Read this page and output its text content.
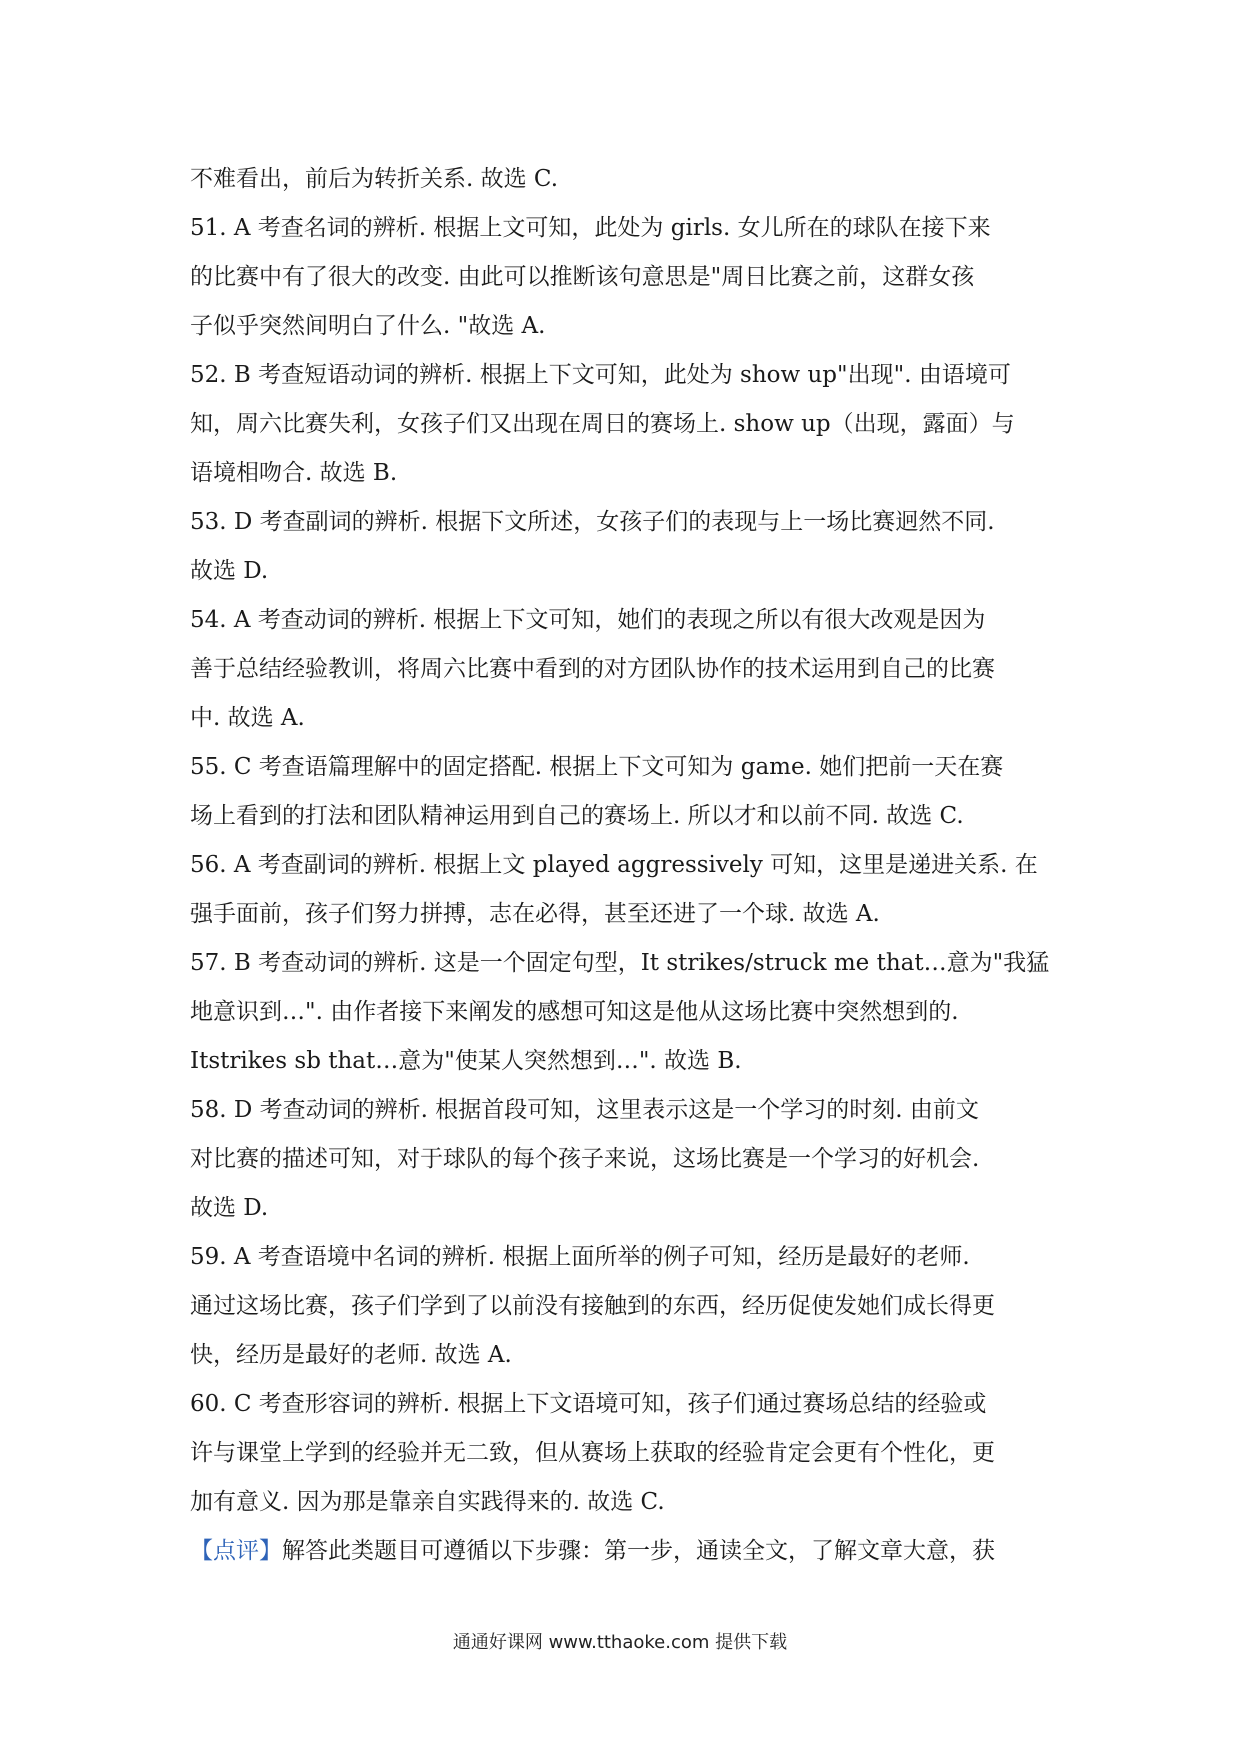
不难看出，前后为转折关系. 故选 C.
51. A 考查名词的辨析. 根据上文可知，此处为 girls. 女儿所在的球队在接下来
的比赛中有了很大的改变. 由此可以推断该句意思是"周日比赛之前，这群女孩
子似乎突然间明白了什么. "故选 A.
52. B 考查短语动词的辨析. 根据上下文可知，此处为 show up"出现". 由语境可
知，周六比赛失利，女孩子们又出现在周日的赛场上. show up（出现，露面）与
语境相吻合. 故选 B.
53. D 考查副词的辨析. 根据下文所述，女孩子们的表现与上一场比赛迥然不同.
故选 D.
54. A 考查动词的辨析. 根据上下文可知，她们的表现之所以有很大改观是因为
善于总结经验教训，将周六比赛中看到的对方团队协作的技术运用到自己的比赛
中. 故选 A.
55. C 考查语篇理解中的固定搭配. 根据上下文可知为 game. 她们把前一天在赛
场上看到的打法和团队精神运用到自己的赛场上. 所以才和以前不同. 故选 C.
56. A 考查副词的辨析. 根据上文 played aggressively 可知，这里是递进关系. 在
强手面前，孩子们努力拼搏，志在必得，甚至还进了一个球. 故选 A.
57. B 考查动词的辨析. 这是一个固定句型，It strikes/struck me that…意为"我猛
地意识到…". 由作者接下来阐发的感想可知这是他从这场比赛中突然想到的.
Itstrikes sb that…意为"使某人突然想到…". 故选 B.
58. D 考查动词的辨析. 根据首段可知，这里表示这是一个学习的时刻. 由前文
对比赛的描述可知，对于球队的每个孩子来说，这场比赛是一个学习的好机会.
故选 D.
59. A 考查语境中名词的辨析. 根据上面所举的例子可知，经历是最好的老师.
通过这场比赛，孩子们学到了以前没有接触到的东西，经历促使发她们成长得更
快，经历是最好的老师. 故选 A.
60. C 考查形容词的辨析. 根据上下文语境可知，孩子们通过赛场总结的经验或
许与课堂上学到的经验并无二致，但从赛场上获取的经验肯定会更有个性化，更
加有意义. 因为那是靠亲自实践得来的. 故选 C.
【点评】解答此类题目可遵循以下步骤：第一步，通读全文，了解文章大意，获
通通好课网 www.tthaoke.com 提供下载
